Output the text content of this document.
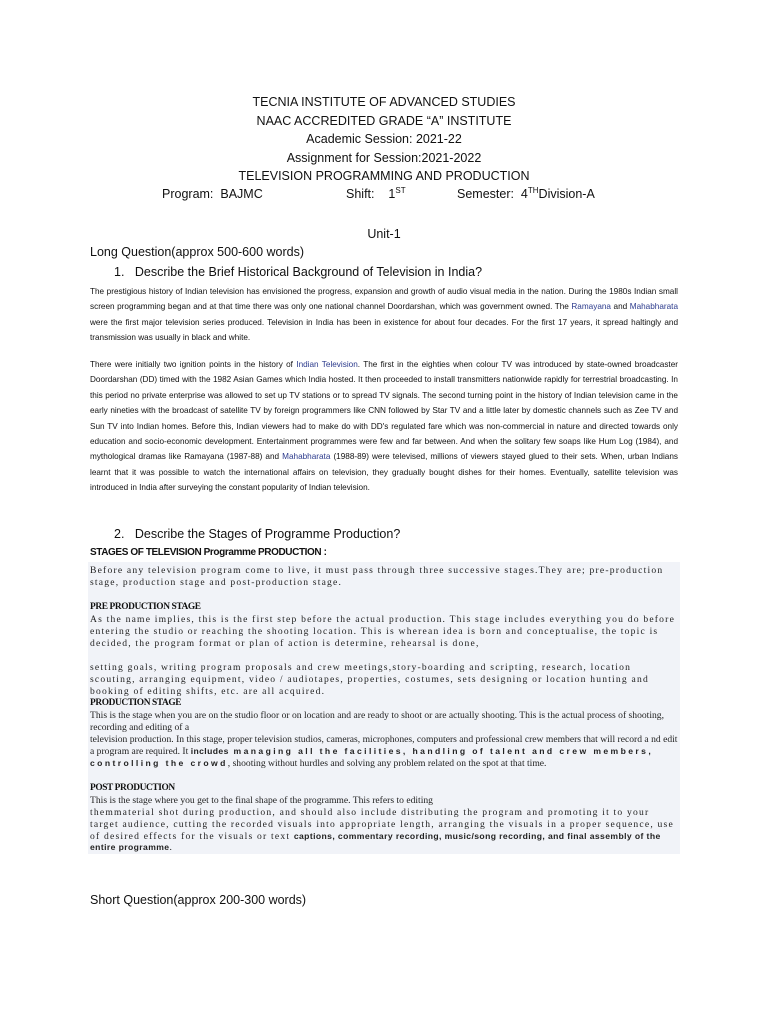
TECNIA INSTITUTE OF ADVANCED STUDIES
NAAC ACCREDITED GRADE “A” INSTITUTE
Academic Session: 2021-22
Assignment for Session:2021-2022
TELEVISION PROGRAMMING AND PRODUCTION
Program: BAJMC	Shift: 1ST	Semester: 4THDivision-A
Unit-1
Long Question(approx 500-600 words)
1. Describe the Brief Historical Background of Television in India?
The prestigious history of Indian television has envisioned the progress, expansion and growth of audio visual media in the nation. During the 1980s Indian small screen programming began and at that time there was only one national channel Doordarshan, which was government owned. The Ramayana and Mahabharata were the first major television series produced. Television in India has been in existence for about four decades. For the first 17 years, it spread haltingly and transmission was usually in black and white.
There were initially two ignition points in the history of Indian Television. The first in the eighties when colour TV was introduced by state-owned broadcaster Doordarshan (DD) timed with the 1982 Asian Games which India hosted. It then proceeded to install transmitters nationwide rapidly for terrestrial broadcasting. In this period no private enterprise was allowed to set up TV stations or to spread TV signals. The second turning point in the history of Indian television came in the early nineties with the broadcast of satellite TV by foreign programmers like CNN followed by Star TV and a little later by domestic channels such as Zee TV and Sun TV into Indian homes. Before this, Indian viewers had to make do with DD's regulated fare which was non-commercial in nature and directed towards only education and socio-economic development. Entertainment programmes were few and far between. And when the solitary few soaps like Hum Log (1984), and mythological dramas like Ramayana (1987-88) and Mahabharata (1988-89) were televised, millions of viewers stayed glued to their sets. When, urban Indians learnt that it was possible to watch the international affairs on television, they gradually bought dishes for their homes. Eventually, satellite television was introduced in India after surveying the constant popularity of Indian television.
2. Describe the Stages of Programme Production?
STAGES OF TELEVISION Programme PRODUCTION :
Before any television program come to live, it must pass through three successive stages.They are; pre-production stage, production stage and post-production stage.
PRE PRODUCTION STAGE
As the name implies, this is the first step before the actual production. This stage includes everything you do before entering the studio or reaching the shooting location. This is wherean idea is born and conceptualise, the topic is decided, the program format or plan of action is determine, rehearsal is done,
setting goals, writing program proposals and crew meetings,story-boarding and scripting, research, location scouting, arranging equipment, video / audiotapes, properties, costumes, sets designing or location hunting and booking of editing shifts, etc. are all acquired.
PRODUCTION STAGE
This is the stage when you are on the studio floor or on location and are ready to shoot or are actually shooting. This is the actual process of shooting, recording and editing of a
television production. In this stage, proper television studios, cameras, microphones, computers and professional crew members that will record a nd edit a program are required. It includes managing all the facilities, handling of talent and crew members, controlling the crowd, shooting without hurdles and solving any problem related on the spot at that time.
POST PRODUCTION
This is the stage where you get to the final shape of the programme. This refers to editing
themmaterial shot during production, and should also include distributing the program and promoting it to your target audience, cutting the recorded visuals into appropriate length, arranging the visuals in a proper sequence, use of desired effects for the visuals or text captions, commentary recording, music/song recording, and final assembly of the entire programme.
Short Question(approx 200-300 words)
